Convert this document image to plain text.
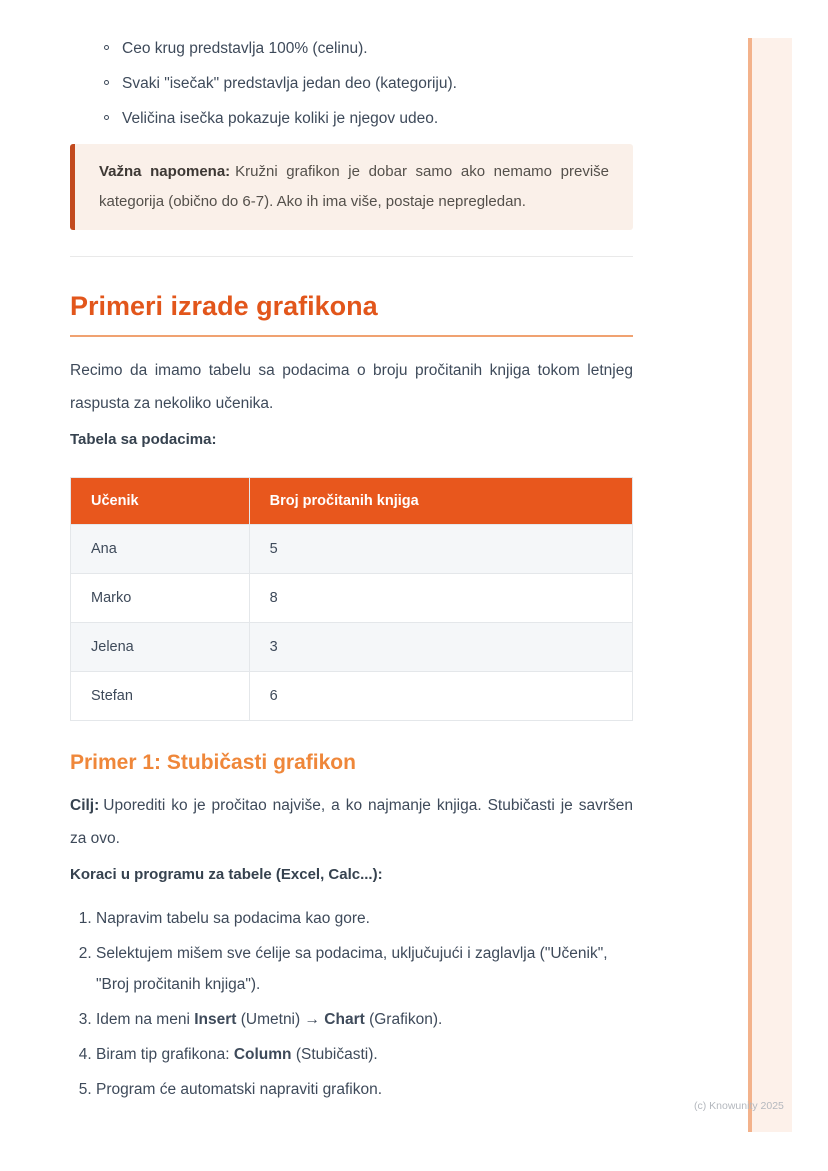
Ceo krug predstavlja 100% (celinu).
Svaki "isečak" predstavlja jedan deo (kategoriju).
Veličina isečka pokazuje koliki je njegov udeo.

Važna napomena: Kružni grafikon je dobar samo ako nemamo previše kategorija (obično do 6-7). Ako ih ima više, postaje nepregledan.

Primeri izrade grafikona

Recimo da imamo tabelu sa podacima o broju pročitanih knjiga tokom letnjeg raspusta za nekoliko učenika.

Tabela sa podacima:

Učenik	Broj pročitanih knjiga
Ana	5
Marko	8
Jelena	3
Stefan	6
Primer 1: Stubičasti grafikon

Cilj: Uporediti ko je pročitao najviše, a ko najmanje knjiga. Stubičasti je savršen za ovo.

Koraci u programu za tabele (Excel, Calc...):

1. Napravim tabelu sa podacima kao gore.
2. Selektujem mišem sve ćelije sa podacima, uključujući i zaglavlja ("Učenik", "Broj pročitanih knjiga").
3. Idem na meni Insert (Umetni) → Chart (Grafikon).
4. Biram tip grafikona: Column (Stubičasti).
5. Program će automatski napraviti grafikon.
(c) Knowunity 2025
